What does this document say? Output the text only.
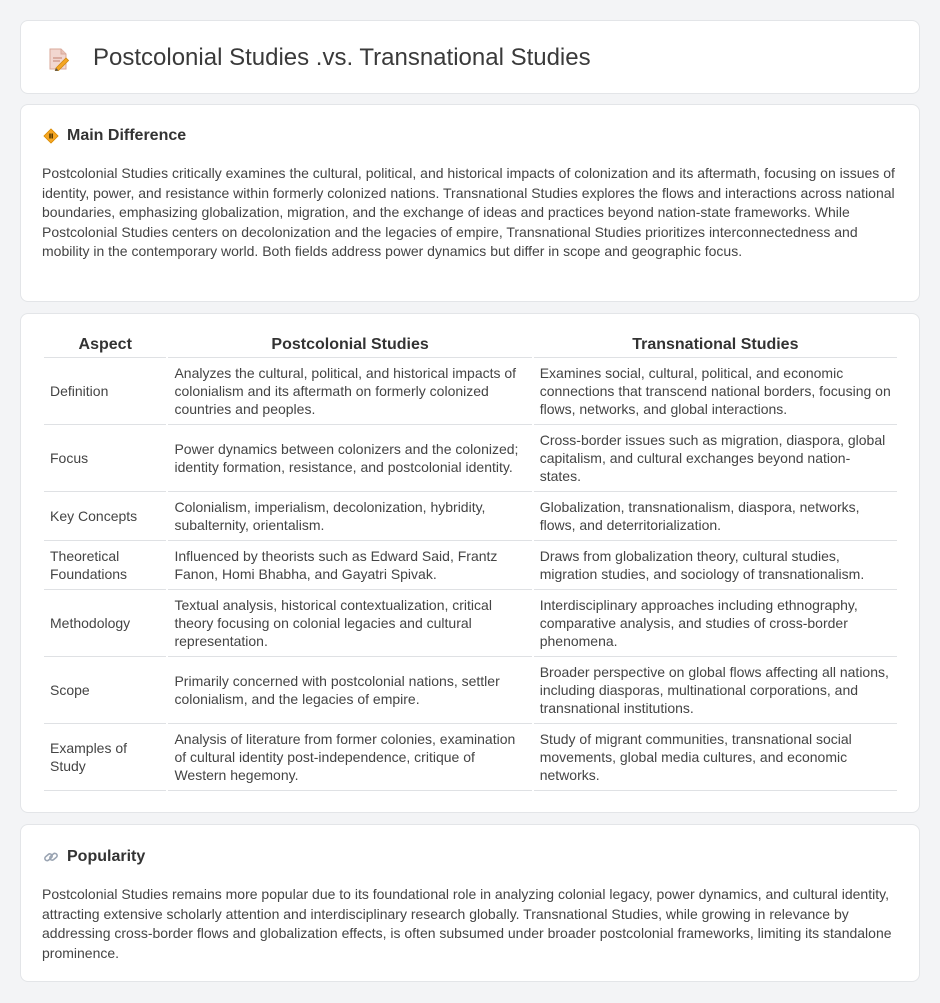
Postcolonial Studies .vs. Transnational Studies
Main Difference

Postcolonial Studies critically examines the cultural, political, and historical impacts of colonization and its aftermath, focusing on issues of identity, power, and resistance within formerly colonized nations. Transnational Studies explores the flows and interactions across national boundaries, emphasizing globalization, migration, and the exchange of ideas and practices beyond nation-state frameworks. While Postcolonial Studies centers on decolonization and the legacies of empire, Transnational Studies prioritizes interconnectedness and mobility in the contemporary world. Both fields address power dynamics but differ in scope and geographic focus.

Aspect	Postcolonial Studies	Transnational Studies
Definition	Analyzes the cultural, political, and historical impacts of colonialism and its aftermath on formerly colonized countries and peoples.	Examines social, cultural, political, and economic connections that transcend national borders, focusing on flows, networks, and global interactions.
Focus	Power dynamics between colonizers and the colonized; identity formation, resistance, and postcolonial identity.	Cross-border issues such as migration, diaspora, global capitalism, and cultural exchanges beyond nation-states.
Key Concepts	Colonialism, imperialism, decolonization, hybridity, subalternity, orientalism.	Globalization, transnationalism, diaspora, networks, flows, and deterritorialization.
Theoretical Foundations	Influenced by theorists such as Edward Said, Frantz Fanon, Homi Bhabha, and Gayatri Spivak.	Draws from globalization theory, cultural studies, migration studies, and sociology of transnationalism.
Methodology	Textual analysis, historical contextualization, critical theory focusing on colonial legacies and cultural representation.	Interdisciplinary approaches including ethnography, comparative analysis, and studies of cross-border phenomena.
Scope	Primarily concerned with postcolonial nations, settler colonialism, and the legacies of empire.	Broader perspective on global flows affecting all nations, including diasporas, multinational corporations, and transnational institutions.
Examples of Study	Analysis of literature from former colonies, examination of cultural identity post-independence, critique of Western hegemony.	Study of migrant communities, transnational social movements, global media cultures, and economic networks.
Popularity

Postcolonial Studies remains more popular due to its foundational role in analyzing colonial legacy, power dynamics, and cultural identity, attracting extensive scholarly attention and interdisciplinary research globally. Transnational Studies, while growing in relevance by addressing cross-border flows and globalization effects, is often subsumed under broader postcolonial frameworks, limiting its standalone prominence.
